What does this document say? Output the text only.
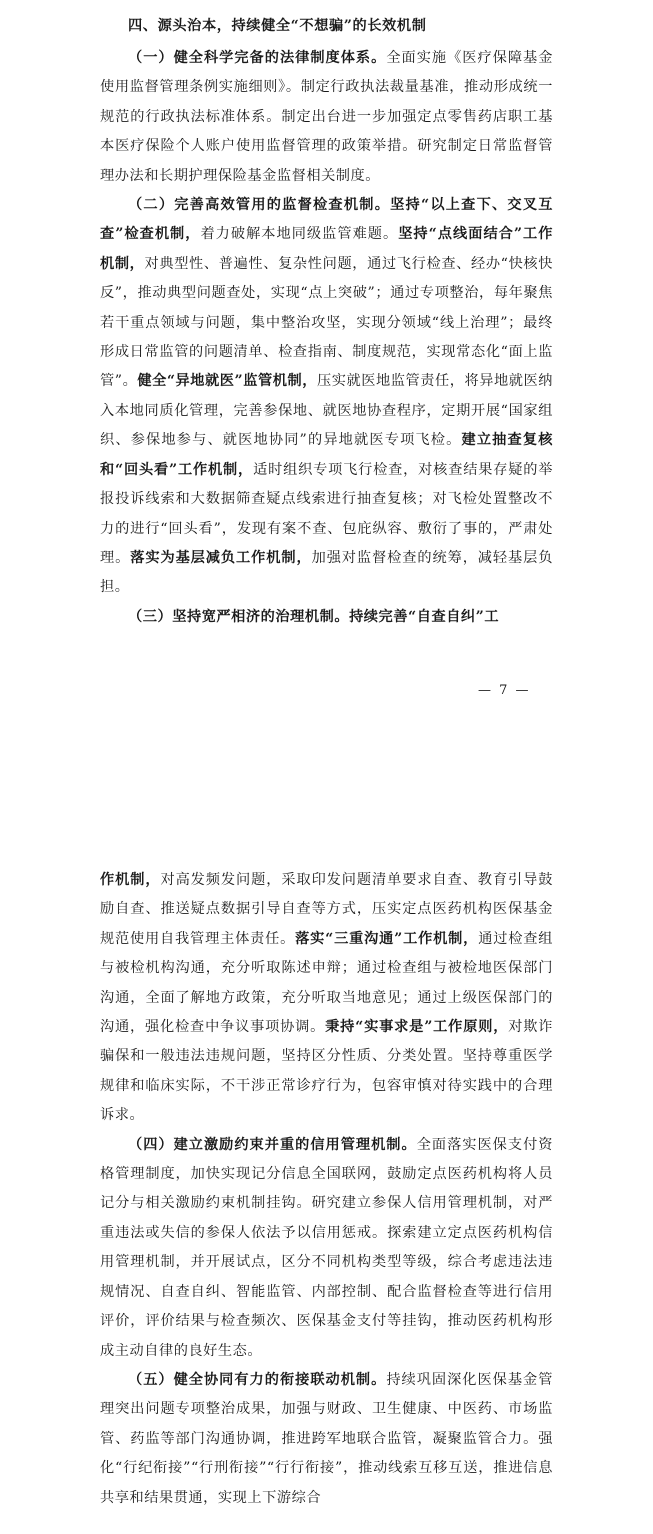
四、源头治本，持续健全“不想骗”的长效机制

（一）健全科学完备的法律制度体系。全面实施《医疗保障基金使用监督管理条例实施细则》。制定行政执法裁量基准，推动形成统一规范的行政执法标准体系。制定出台进一步加强定点零售药店职工基本医疗保险个人账户使用监督管理的政策举措。研究制定日常监督管理办法和长期护理保险基金监督相关制度。

（二）完善高效管用的监督检查机制。坚持“以上查下、交叉互查”检查机制，着力破解本地同级监管难题。坚持“点线面结合”工作机制，对典型性、普遍性、复杂性问题，通过飞行检查、经办“快核快反”，推动典型问题查处，实现“点上突破”；通过专项整治，每年聚焦若干重点领域与问题，集中整治攻坚，实现分领域“线上治理”；最终形成日常监管的问题清单、检查指南、制度规范，实现常态化“面上监管”。健全“异地就医”监管机制，压实就医地监管责任，将异地就医纳入本地同质化管理，完善参保地、就医地协查程序，定期开展“国家组织、参保地参与、就医地协同”的异地就医专项飞检。建立抽查复核和“回头看”工作机制，适时组织专项飞行检查，对核查结果存疑的举报投诉线索和大数据筛查疑点线索进行抽查复核；对飞检处置整改不力的进行“回头看”，发现有案不查、包庇纵容、敷衍了事的，严肃处理。落实为基层减负工作机制，加强对监督检查的统筹，减轻基层负担。

（三）坚持宽严相济的治理机制。持续完善“自查自纠”工

— 7 —

作机制，对高发频发问题，采取印发问题清单要求自查、教育引导鼓励自查、推送疑点数据引导自查等方式，压实定点医药机构医保基金规范使用自我管理主体责任。落实“三重沟通”工作机制，通过检查组与被检机构沟通，充分听取陈述申辩；通过检查组与被检地医保部门沟通，全面了解地方政策，充分听取当地意见；通过上级医保部门的沟通，强化检查中争议事项协调。秉持“实事求是”工作原则，对欺诈骗保和一般违法违规问题，坚持区分性质、分类处置。坚持尊重医学规律和临床实际，不干涉正常诊疗行为，包容审慎对待实践中的合理诉求。

（四）建立激励约束并重的信用管理机制。全面落实医保支付资格管理制度，加快实现记分信息全国联网，鼓励定点医药机构将人员记分与相关激励约束机制挂钩。研究建立参保人信用管理机制，对严重违法或失信的参保人依法予以信用惩戒。探索建立定点医药机构信用管理机制，并开展试点，区分不同机构类型等级，综合考虑违法违规情况、自查自纠、智能监管、内部控制、配合监督检查等进行信用评价，评价结果与检查频次、医保基金支付等挂钩，推动医药机构形成主动自律的良好生态。

（五）健全协同有力的衔接联动机制。持续巩固深化医保基金管理突出问题专项整治成果，加强与财政、卫生健康、中医药、市场监管、药监等部门沟通协调，推进跨军地联合监管，凝聚监管合力。强化“行纪衔接”“行刑衔接”“行行衔接”，推动线索互移互送，推进信息共享和结果贯通，实现上下游综合
